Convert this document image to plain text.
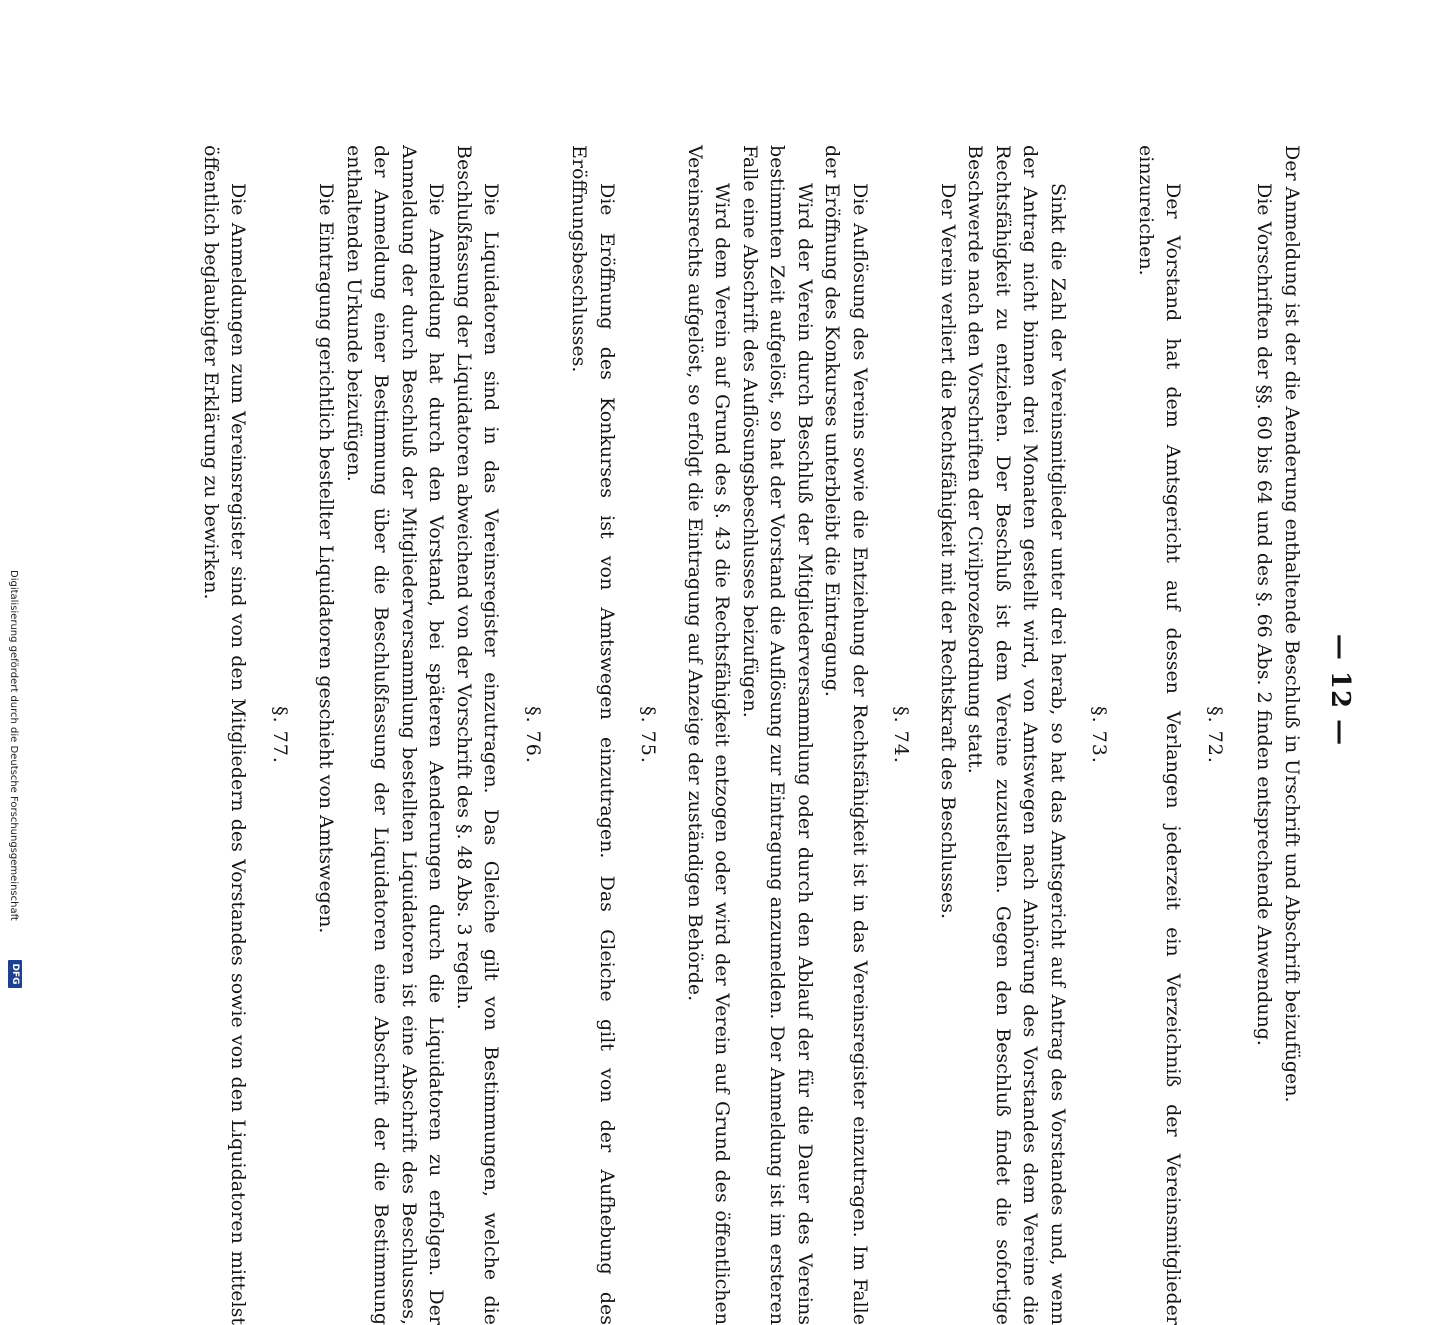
— 12 —

Der Anmeldung ist der die Aenderung enthaltende Beschluß in Urschrift und Abschrift beizufügen.

Die Vorschriften der §§. 60 bis 64 und des §. 66 Abs. 2 finden entsprechende Anwendung.

§. 72.

Der Vorstand hat dem Amtsgericht auf dessen Verlangen jederzeit ein Verzeichniß der Vereinsmitglieder einzureichen.

§. 73.

Sinkt die Zahl der Vereinsmitglieder unter drei herab, so hat das Amtsgericht auf Antrag des Vorstandes und, wenn der Antrag nicht binnen drei Monaten gestellt wird, von Amtswegen nach Anhörung des Vorstandes dem Vereine die Rechtsfähigkeit zu entziehen. Der Beschluß ist dem Vereine zuzustellen. Gegen den Beschluß findet die sofortige Beschwerde nach den Vorschriften der Civilprozeßordnung statt.

Der Verein verliert die Rechtsfähigkeit mit der Rechtskraft des Beschlusses.

§. 74.

Die Auflösung des Vereins sowie die Entziehung der Rechtsfähigkeit ist in das Vereinsregister einzutragen. Im Falle der Eröffnung des Konkurses unterbleibt die Eintragung.

Wird der Verein durch Beschluß der Mitgliederversammlung oder durch den Ablauf der für die Dauer des Vereins bestimmten Zeit aufgelöst, so hat der Vorstand die Auflösung zur Eintragung anzumelden. Der Anmeldung ist im ersteren Falle eine Abschrift des Auflösungsbeschlusses beizufügen.

Wird dem Verein auf Grund des §. 43 die Rechtsfähigkeit entzogen oder wird der Verein auf Grund des öffentlichen Vereinsrechts aufgelöst, so erfolgt die Eintragung auf Anzeige der zuständigen Behörde.

§. 75.

Die Eröffnung des Konkurses ist von Amtswegen einzutragen. Das Gleiche gilt von der Aufhebung des Eröffnungsbeschlusses.

§. 76.

Die Liquidatoren sind in das Vereinsregister einzutragen. Das Gleiche gilt von Bestimmungen, welche die Beschlußfassung der Liquidatoren abweichend von der Vorschrift des §. 48 Abs. 3 regeln.

Die Anmeldung hat durch den Vorstand, bei späteren Aenderungen durch die Liquidatoren zu erfolgen. Der Anmeldung der durch Beschluß der Mitgliederversammlung bestellten Liquidatoren ist eine Abschrift des Beschlusses, der Anmeldung einer Bestimmung über die Beschlußfassung der Liquidatoren eine Abschrift der die Bestimmung enthaltenden Urkunde beizufügen.

Die Eintragung gerichtlich bestellter Liquidatoren geschieht von Amtswegen.

§. 77.

Die Anmeldungen zum Vereinsregister sind von den Mitgliedern des Vorstandes sowie von den Liquidatoren mittelst öffentlich beglaubigter Erklärung zu bewirken.

Digitalisierung gefördert durch die Deutsche Forschungsgemeinschaft
DFG
